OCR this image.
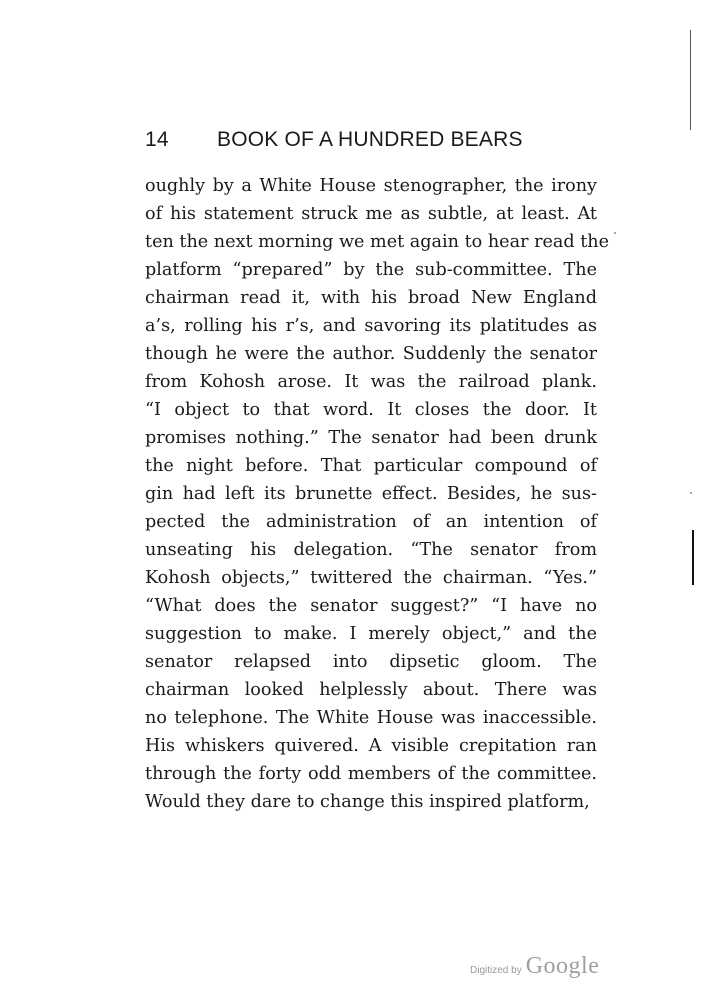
14 BOOK OF A HUNDRED BEARS
oughly by a White House stenographer, the irony
of his statement struck me as subtle, at least. At
ten the next morning we met again to hear read the
platform “prepared” by the sub-committee. The
chairman read it, with his broad New England
a’s, rolling his r’s, and savoring its platitudes as
though he were the author. Suddenly the senator
from Kohosh arose. It was the railroad plank.
“I object to that word. It closes the door. It
promises nothing.” The senator had been drunk
the night before. That particular compound of
gin had left its brunette effect. Besides, he sus-
pected the administration of an intention of
unseating his delegation. “The senator from
Kohosh objects,” twittered the chairman. “Yes.”
“What does the senator suggest?” “I have no
suggestion to make. I merely object,” and the
senator relapsed into dipsetic gloom. The
chairman looked helplessly about. There was
no telephone. The White House was inaccessible.
His whiskers quivered. A visible crepitation ran
through the forty odd members of the committee.
Would they dare to change this inspired platform,
Digitized by Google
